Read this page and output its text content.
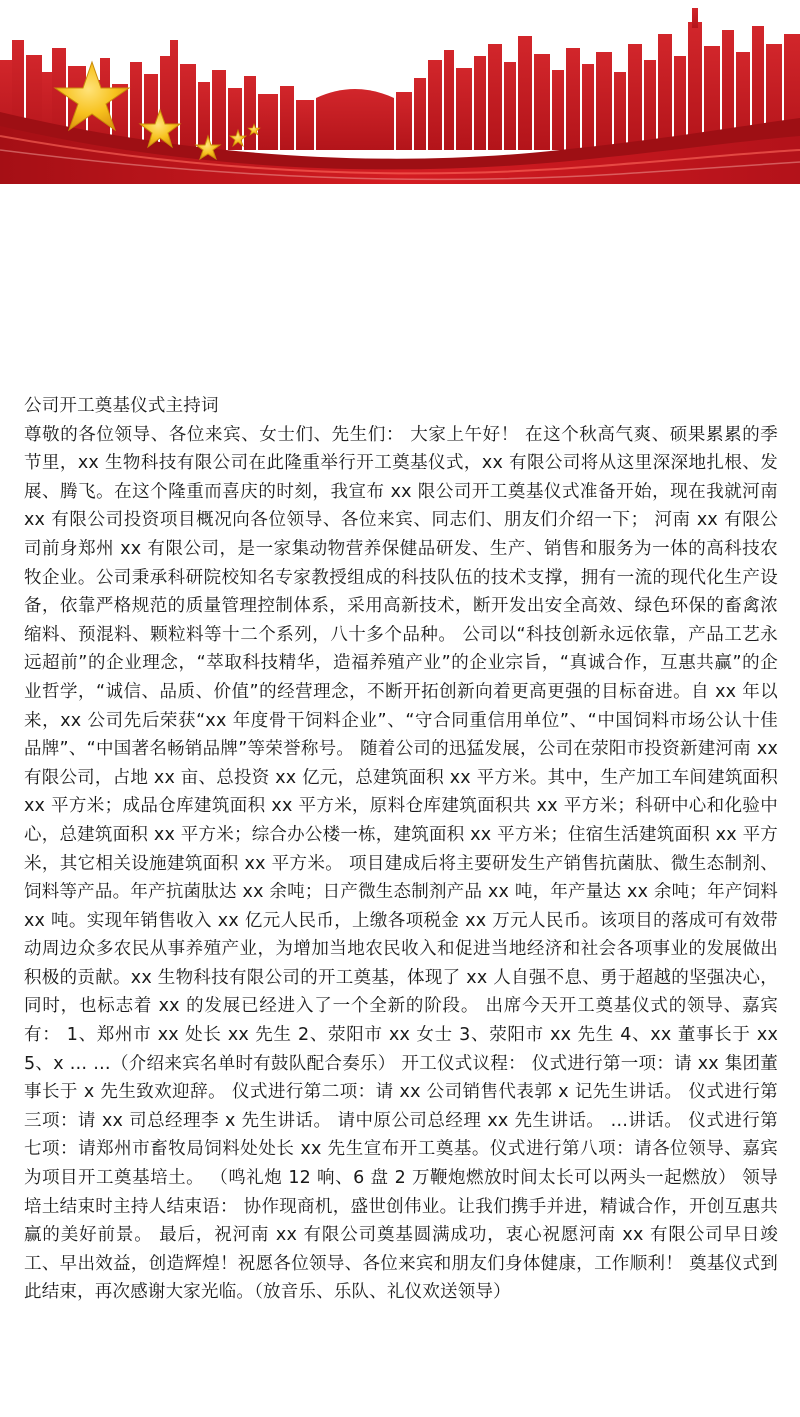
公司开工奠基仪式主持词

尊敬的各位领导、各位来宾、女士们、先生们： 大家上午好！ 在这个秋高气爽、硕果累累的季节里，xx 生物科技有限公司在此隆重举行开工奠基仪式，xx 有限公司将从这里深深地扎根、发展、腾飞。在这个隆重而喜庆的时刻，我宣布 xx 限公司开工奠基仪式准备开始，现在我就河南 xx 有限公司投资项目概况向各位领导、各位来宾、同志们、朋友们介绍一下； 河南 xx 有限公司前身郑州 xx 有限公司，是一家集动物营养保健品研发、生产、销售和服务为一体的高科技农牧企业。公司秉承科研院校知名专家教授组成的科技队伍的技术支撑，拥有一流的现代化生产设备，依靠严格规范的质量管理控制体系，采用高新技术，断开发出安全高效、绿色环保的畜禽浓缩料、预混料、颗粒料等十二个系列，八十多个品种。 公司以“科技创新永远依靠，产品工艺永远超前”的企业理念，“萃取科技精华，造福养殖产业”的企业宗旨，“真诚合作，互惠共赢”的企业哲学，“诚信、品质、价值”的经营理念，不断开拓创新向着更高更强的目标奋进。自 xx 年以来，xx 公司先后荣获“xx 年度骨干饲料企业”、“守合同重信用单位”、“中国饲料市场公认十佳品牌”、“中国著名畅销品牌”等荣誉称号。 随着公司的迅猛发展，公司在荥阳市投资新建河南 xx 有限公司，占地 xx 亩、总投资 xx 亿元，总建筑面积 xx 平方米。其中，生产加工车间建筑面积 xx 平方米；成品仓库建筑面积 xx 平方米，原料仓库建筑面积共 xx 平方米；科研中心和化验中心，总建筑面积 xx 平方米；综合办公楼一栋，建筑面积 xx 平方米；住宿生活建筑面积 xx 平方米，其它相关设施建筑面积 xx 平方米。 项目建成后将主要研发生产销售抗菌肽、微生态制剂、饲料等产品。年产抗菌肽达 xx 余吨；日产微生态制剂产品 xx 吨，年产量达 xx 余吨；年产饲料 xx 吨。实现年销售收入 xx 亿元人民币，上缴各项税金 xx 万元人民币。该项目的落成可有效带动周边众多农民从事养殖产业，为增加当地农民收入和促进当地经济和社会各项事业的发展做出积极的贡献。xx 生物科技有限公司的开工奠基，体现了 xx 人自强不息、勇于超越的坚强决心，同时，也标志着 xx 的发展已经进入了一个全新的阶段。 出席今天开工奠基仪式的领导、嘉宾有： 1、郑州市 xx 处长 xx 先生 2、荥阳市 xx 女士 3、荥阳市 xx 先生 4、xx 董事长于 xx 5、x … …（介绍来宾名单时有鼓队配合奏乐） 开工仪式议程： 仪式进行第一项：请 xx 集团董事长于 x 先生致欢迎辞。 仪式进行第二项：请 xx 公司销售代表郭 x 记先生讲话。 仪式进行第三项：请 xx 司总经理李 x 先生讲话。 请中原公司总经理 xx 先生讲话。 …讲话。 仪式进行第七项：请郑州市畜牧局饲料处处长 xx 先生宣布开工奠基。仪式进行第八项：请各位领导、嘉宾为项目开工奠基培土。 （鸣礼炮 12 响、6 盘 2 万鞭炮燃放时间太长可以两头一起燃放） 领导培土结束时主持人结束语： 协作现商机，盛世创伟业。让我们携手并进，精诚合作，开创互惠共赢的美好前景。 最后，祝河南 xx 有限公司奠基圆满成功，衷心祝愿河南 xx 有限公司早日竣工、早出效益，创造辉煌！祝愿各位领导、各位来宾和朋友们身体健康，工作顺利！ 奠基仪式到此结束，再次感谢大家光临。（放音乐、乐队、礼仪欢送领导）
